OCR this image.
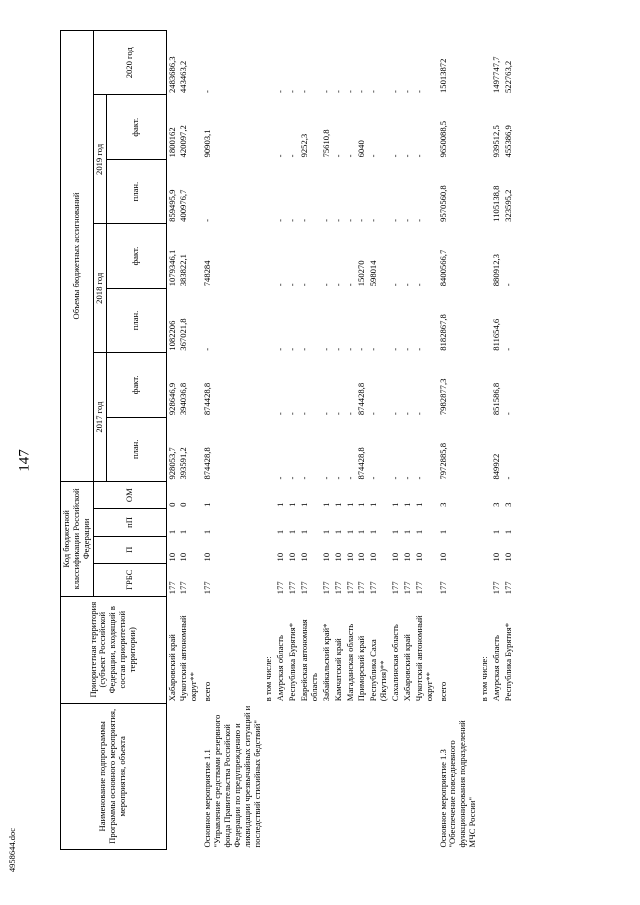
147
4958644.doc
Наименование подпрограммы Программы основного мероприятия, мероприятия, объекта	Приоритетная территория (субъект Российской Федерации, входящий в состав приоритетной территории)	Код бюджетной классификации Российской Федерации				Объемы бюджетных ассигнований						
		ГРБС	П	пП	ОМ	2017 год		2018 год		2019 год		2020 год
						план.	факт.	план.	факт.	план.	факт.	
	Хабаровский край	177	10	1	0	928053,7	928646,9	1082206	1079346,1	859495,9	1800162	2483686,3
	Чукотский автономный округ**	177	10	1	0	393591,2	394036,8	367021,8	383822,1	400976,7	420097,2	443463,2
Основное мероприятие 1.1 "Управление средствами резервного фонда Правительства Российской Федерации по предупреждению и ликвидации чрезвычайных ситуаций и последствий стихийных бедствий"	всего	177	10	1	1	874428,8	874428,8	-	748284	-	90903,1	-
	в том числе:											
	Амурская область	177	10	1	1	-	-	-	-	-	-	-
	Республика Бурятия*	177	10	1	1	-	-	-	-	-	-	-
	Еврейская автономная область	177	10	1	1	-	-	-	-	-	9252,3	-
	Забайкальский край*	177	10	1	1	-	-	-	-	-	75610,8	-
	Камчатский край	177	10	1	1	-	-	-	-	-	-	-
	Магаданская область	177	10	1	1	-	-	-	-	-	-	-
	Приморский край	177	10	1	1	874428,8	874428,8	-	150270	-	6040	-
	Республика Саха (Якутия)**	177	10	1	1	-	-	-	598014	-	-	-
	Сахалинская область	177	10	1	1	-	-	-	-	-	-	-
	Хабаровский край	177	10	1	1	-	-	-	-	-	-	-
	Чукотский автономный округ**	177	10	1	1	-	-	-	-	-	-	-
Основное мероприятие 1.3 "Обеспечение повседневного функционирования подразделений МЧС России"	всего	177	10	1	3	7972885,8	7982877,3	8182867,8	8400566,7	9570560,8	9650088,5	15013872
	в том числе:											
	Амурская область	177	10	1	3	849922	851586,8	811654,6	880912,3	1105138,8	939512,5	1497747,7
	Республика Бурятия*	177	10	1	3	-	-	-	-	323595,2	455386,9	522763,2
